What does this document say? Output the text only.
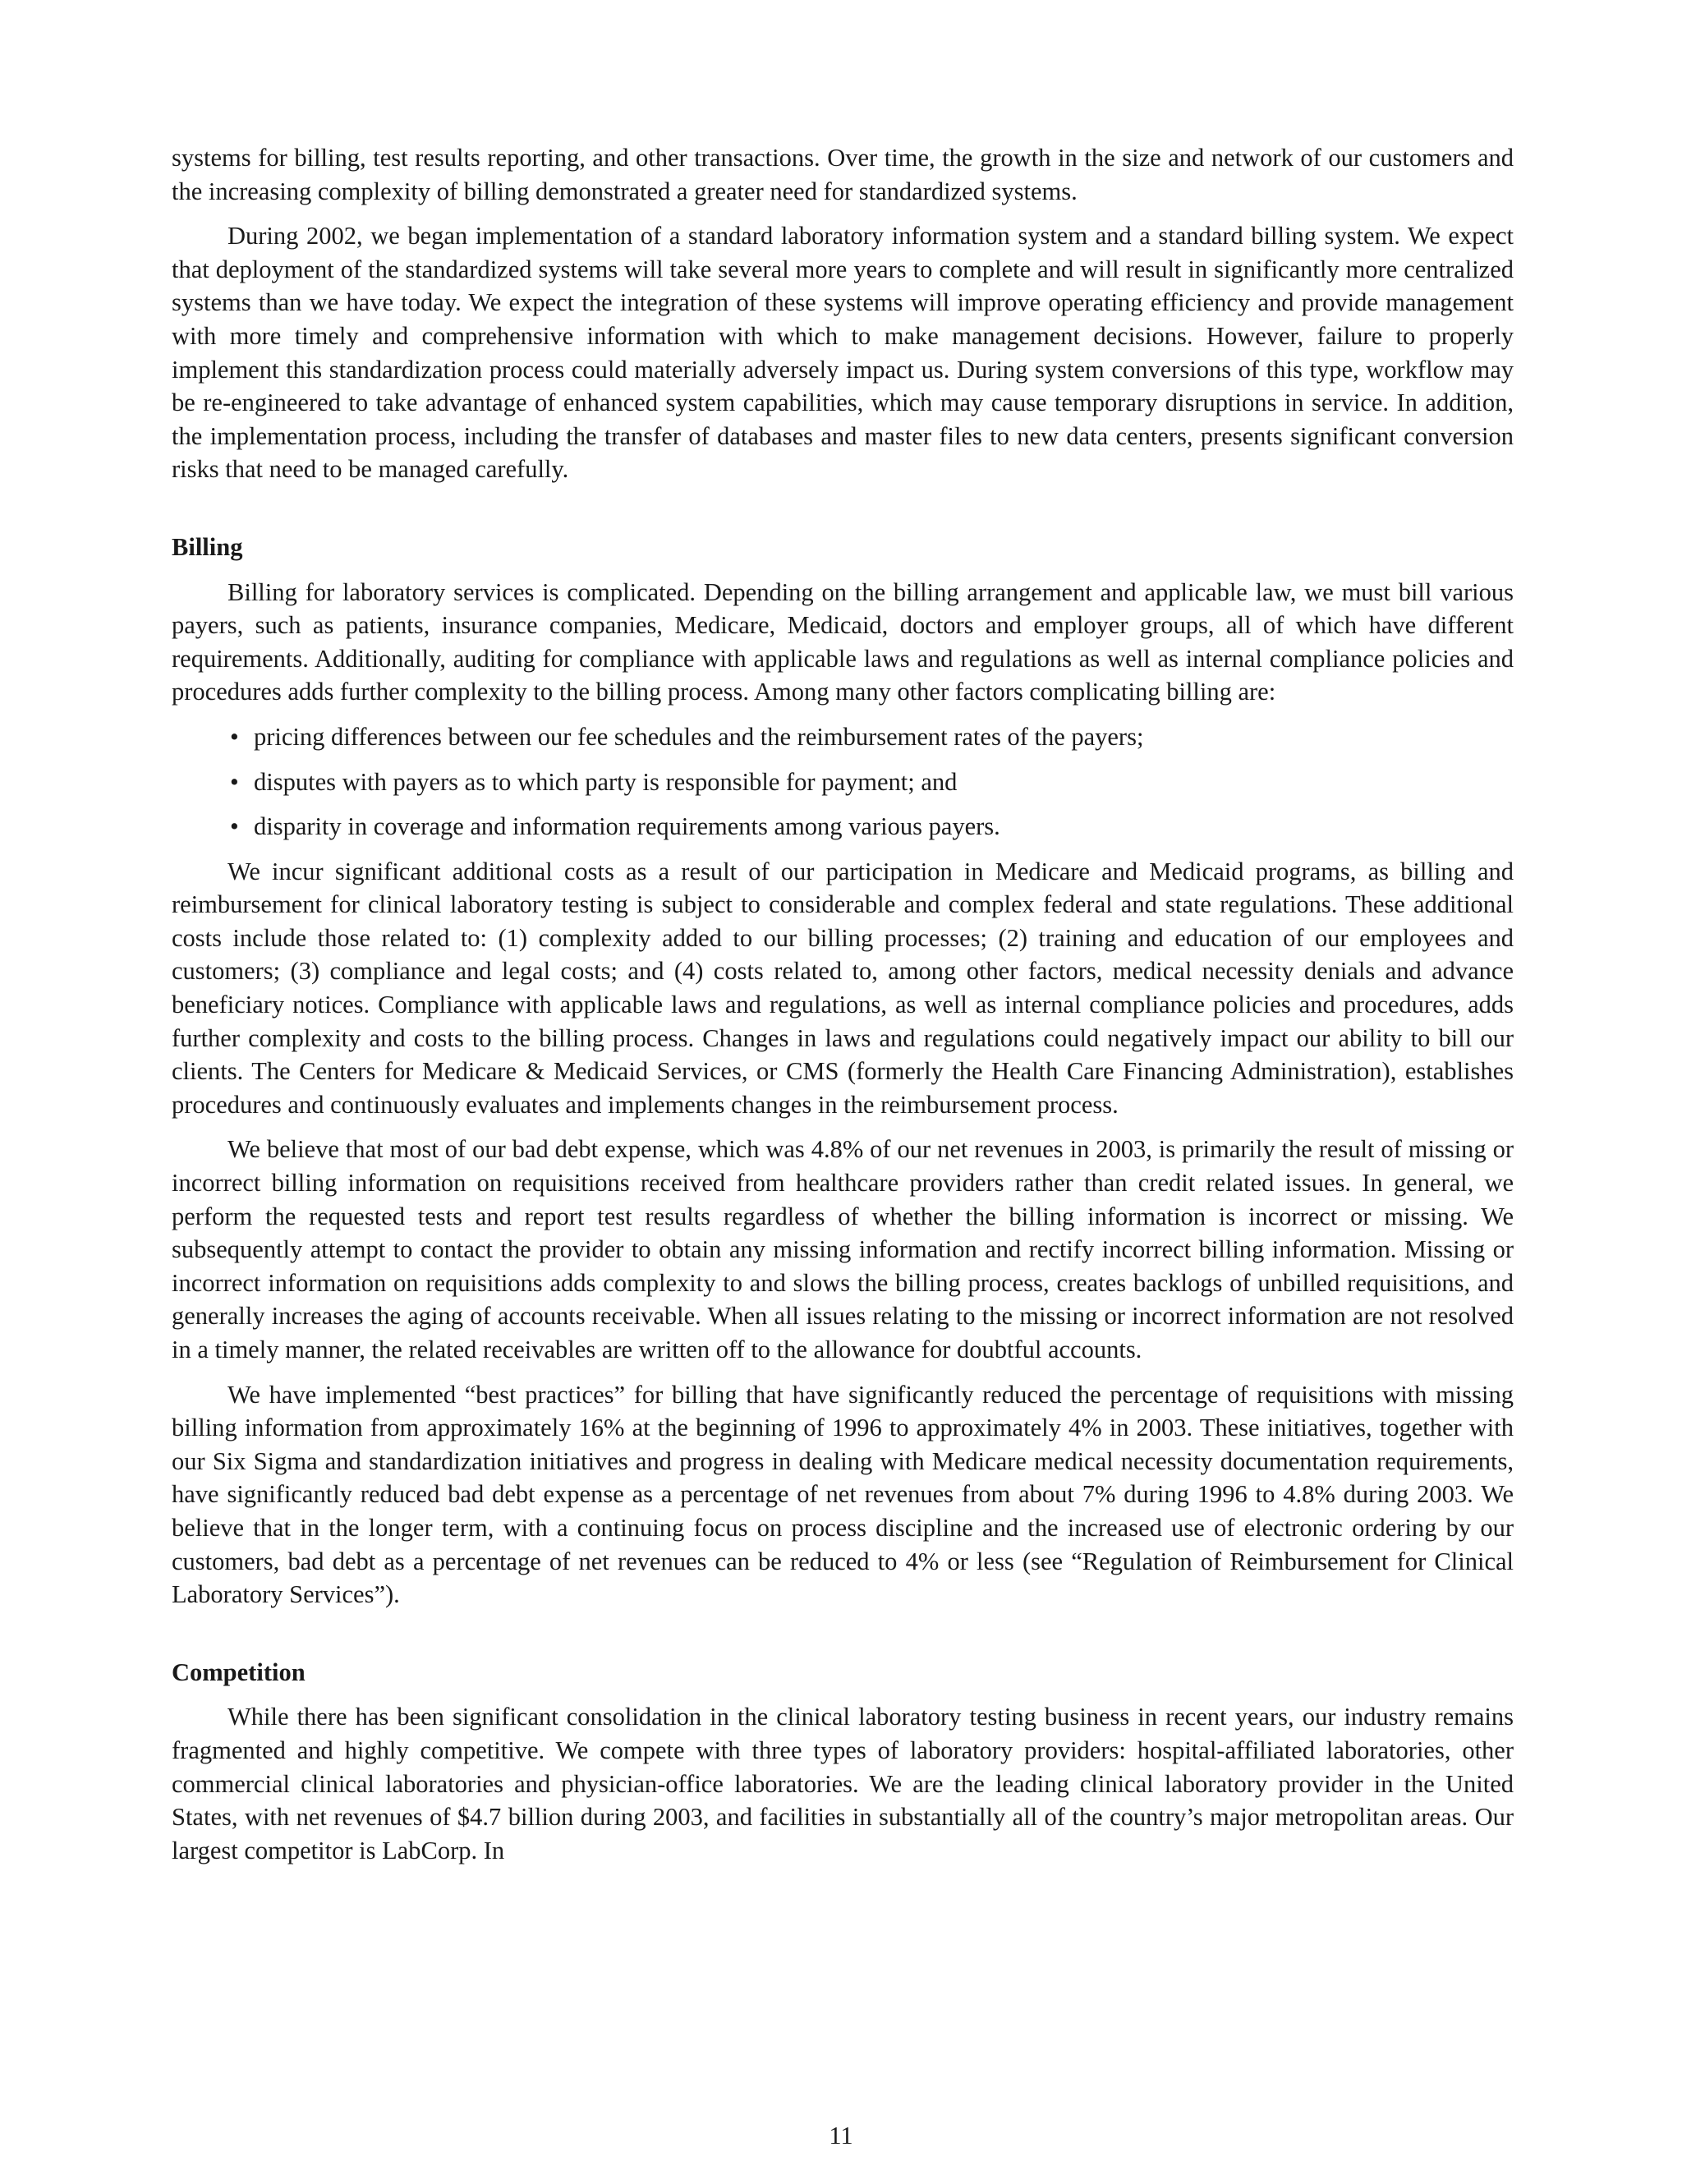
systems for billing, test results reporting, and other transactions. Over time, the growth in the size and network of our customers and the increasing complexity of billing demonstrated a greater need for standardized systems.

During 2002, we began implementation of a standard laboratory information system and a standard billing system. We expect that deployment of the standardized systems will take several more years to complete and will result in significantly more centralized systems than we have today. We expect the integration of these systems will improve operating efficiency and provide management with more timely and comprehensive information with which to make management decisions. However, failure to properly implement this standardization process could materially adversely impact us. During system conversions of this type, workflow may be re-engineered to take advantage of enhanced system capabilities, which may cause temporary disruptions in service. In addition, the implementation process, including the transfer of databases and master files to new data centers, presents significant conversion risks that need to be managed carefully.

Billing

Billing for laboratory services is complicated. Depending on the billing arrangement and applicable law, we must bill various payers, such as patients, insurance companies, Medicare, Medicaid, doctors and employer groups, all of which have different requirements. Additionally, auditing for compliance with applicable laws and regulations as well as internal compliance policies and procedures adds further complexity to the billing process. Among many other factors complicating billing are:

• pricing differences between our fee schedules and the reimbursement rates of the payers;
• disputes with payers as to which party is responsible for payment; and
• disparity in coverage and information requirements among various payers.

We incur significant additional costs as a result of our participation in Medicare and Medicaid programs, as billing and reimbursement for clinical laboratory testing is subject to considerable and complex federal and state regulations. These additional costs include those related to: (1) complexity added to our billing processes; (2) training and education of our employees and customers; (3) compliance and legal costs; and (4) costs related to, among other factors, medical necessity denials and advance beneficiary notices. Compliance with applicable laws and regulations, as well as internal compliance policies and procedures, adds further complexity and costs to the billing process. Changes in laws and regulations could negatively impact our ability to bill our clients. The Centers for Medicare & Medicaid Services, or CMS (formerly the Health Care Financing Administration), establishes procedures and continuously evaluates and implements changes in the reimbursement process.

We believe that most of our bad debt expense, which was 4.8% of our net revenues in 2003, is primarily the result of missing or incorrect billing information on requisitions received from healthcare providers rather than credit related issues. In general, we perform the requested tests and report test results regardless of whether the billing information is incorrect or missing. We subsequently attempt to contact the provider to obtain any missing information and rectify incorrect billing information. Missing or incorrect information on requisitions adds complexity to and slows the billing process, creates backlogs of unbilled requisitions, and generally increases the aging of accounts receivable. When all issues relating to the missing or incorrect information are not resolved in a timely manner, the related receivables are written off to the allowance for doubtful accounts.

We have implemented “best practices” for billing that have significantly reduced the percentage of requisitions with missing billing information from approximately 16% at the beginning of 1996 to approximately 4% in 2003. These initiatives, together with our Six Sigma and standardization initiatives and progress in dealing with Medicare medical necessity documentation requirements, have significantly reduced bad debt expense as a percentage of net revenues from about 7% during 1996 to 4.8% during 2003. We believe that in the longer term, with a continuing focus on process discipline and the increased use of electronic ordering by our customers, bad debt as a percentage of net revenues can be reduced to 4% or less (see “Regulation of Reimbursement for Clinical Laboratory Services”).

Competition

While there has been significant consolidation in the clinical laboratory testing business in recent years, our industry remains fragmented and highly competitive. We compete with three types of laboratory providers: hospital-affiliated laboratories, other commercial clinical laboratories and physician-office laboratories. We are the leading clinical laboratory provider in the United States, with net revenues of $4.7 billion during 2003, and facilities in substantially all of the country’s major metropolitan areas. Our largest competitor is LabCorp. In

11
